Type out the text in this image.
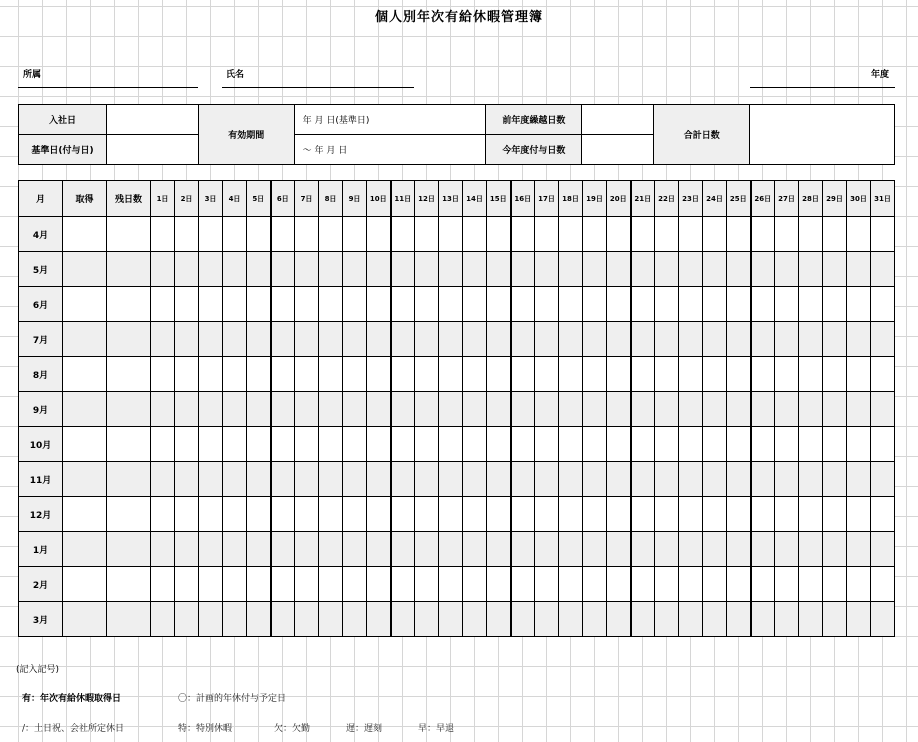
個人別年次有給休暇管理簿
所属	氏名	年度
入社日		有効期間	年 月 日(基準日)	前年度繰越日数		合計日数	
基準日(付与日)			～ 年 月 日	今年度付与日数			
月	取得	残日数	1日	2日	3日	4日	5日	6日	7日	8日	9日	10日	11日	12日	13日	14日	15日	16日	17日	18日	19日	20日	21日	22日	23日	24日	25日	26日	27日	28日	29日	30日	31日
4月																																	
5月																																	
6月																																	
7月																																	
8月																																	
9月																																	
10月																																	
11月																																	
12月																																	
1月																																	
2月																																	
3月																																	
(記入記号)
有：年次有給休暇取得日	〇：計画的年休付与予定日
/：土日祝、会社所定休日	特：特別休暇	欠：欠勤	遅：遅刻	早：早退
